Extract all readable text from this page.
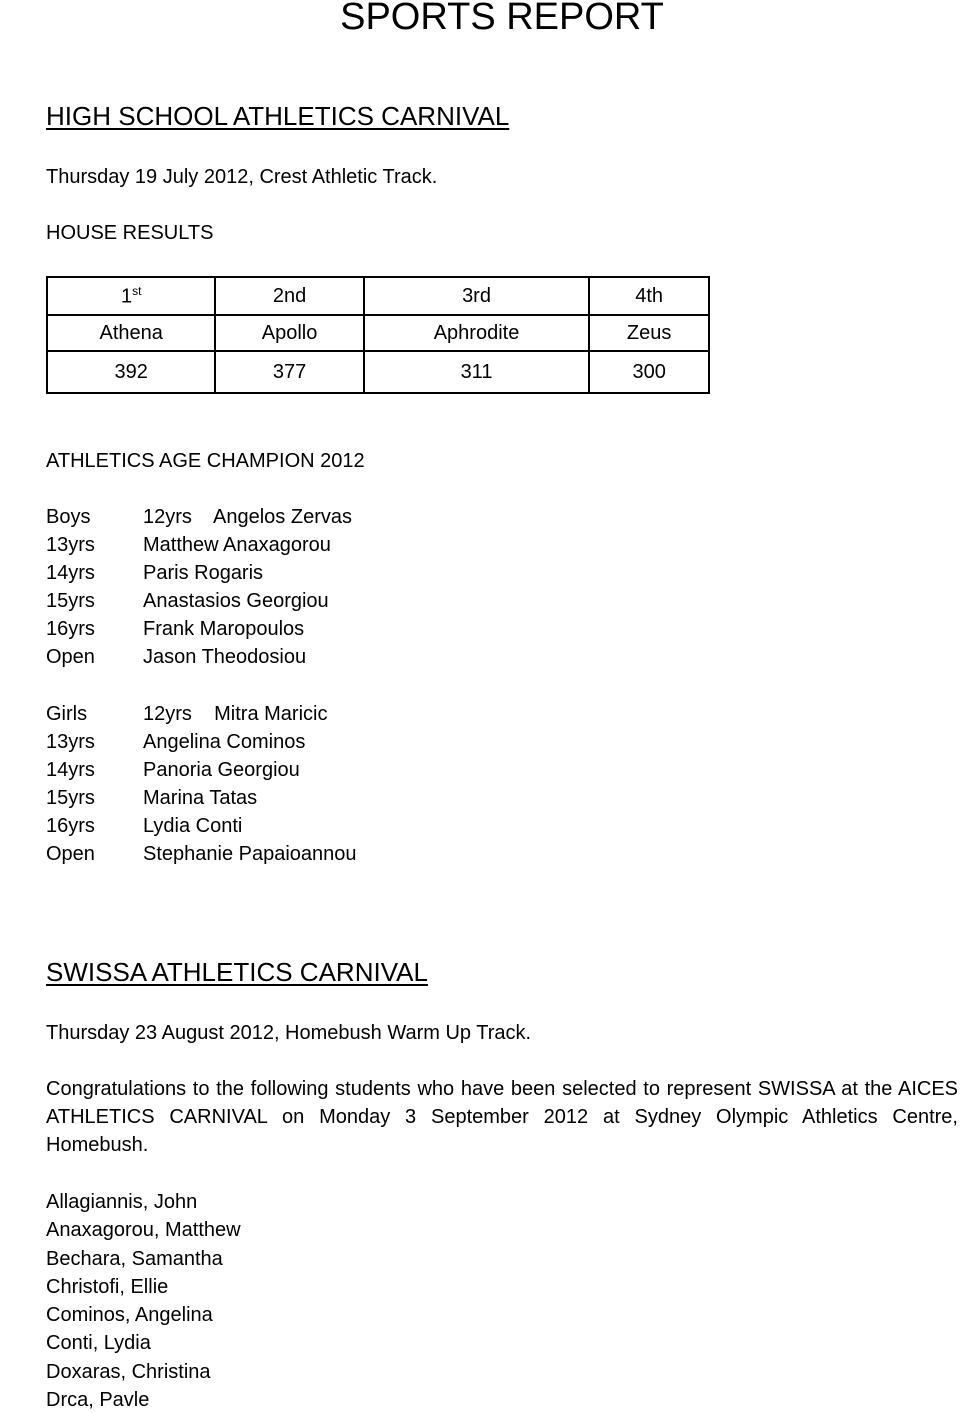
SPORTS REPORT
HIGH SCHOOL ATHLETICS CARNIVAL
Thursday 19 July 2012, Crest Athletic Track.
HOUSE RESULTS
1st	2nd	3rd	4th
Athena	Apollo	Aphrodite	Zeus
392	377	311	300
ATHLETICS AGE CHAMPION 2012
Boys	12yrs    Angelos Zervas
13yrs Matthew Anaxagorou
14yrs Paris Rogaris
15yrs Anastasios Georgiou
16yrs Frank Maropoulos
Open Jason Theodosiou
Girls	12yrs    Mitra Maricic
13yrs Angelina Cominos
14yrs Panoria Georgiou
15yrs Marina Tatas
16yrs Lydia Conti
Open Stephanie Papaioannou
SWISSA ATHLETICS CARNIVAL
Thursday 23 August 2012, Homebush Warm Up Track.
Congratulations to the following students who have been selected to represent SWISSA at the AICES ATHLETICS CARNIVAL on Monday 3 September 2012 at Sydney Olympic Athletics Centre, Homebush.
Allagiannis, John
Anaxagorou, Matthew
Bechara, Samantha
Christofi, Ellie
Cominos, Angelina
Conti, Lydia
Doxaras, Christina
Drca, Pavle
